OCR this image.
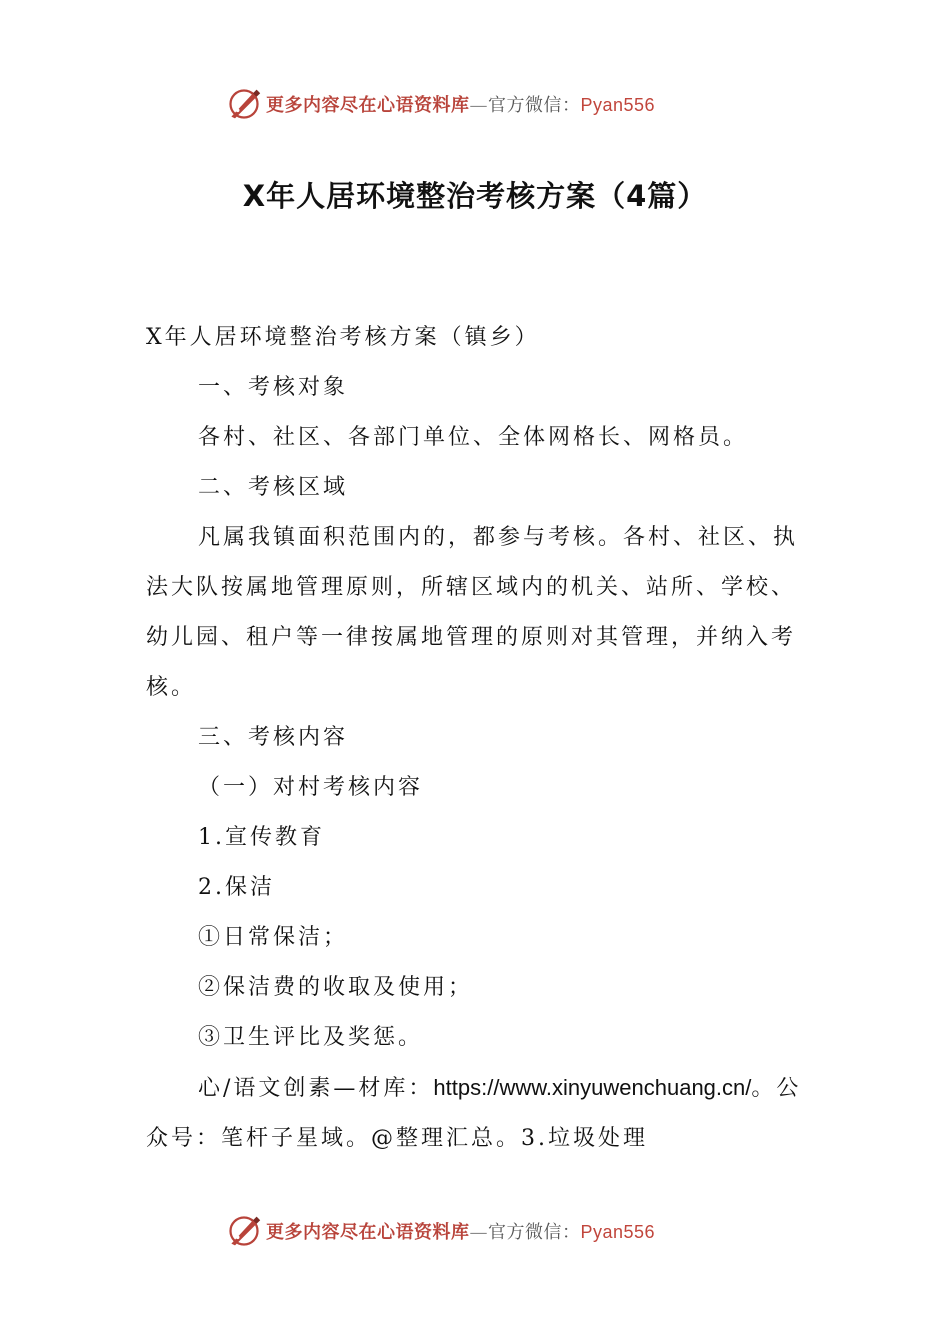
更多内容尽在心语资料库—官方微信：Pyan556
X年人居环境整治考核方案（4篇）

X年人居环境整治考核方案（镇乡）

一、考核对象

各村、社区、各部门单位、全体网格长、网格员。

二、考核区域

凡属我镇面积范围内的，都参与考核。各村、社区、执法大队按属地管理原则，所辖区域内的机关、站所、学校、幼儿园、租户等一律按属地管理的原则对其管理，并纳入考核。

三、考核内容

（一）对村考核内容

1.宣传教育

2.保洁

①日常保洁；

②保洁费的收取及使用；

③卫生评比及奖惩。

心/语文创素—材库：https://www.xinyuwenchuang.cn/。公众号：笔杆子星域。@整理汇总。3.垃圾处理

更多内容尽在心语资料库—官方微信：Pyan556
